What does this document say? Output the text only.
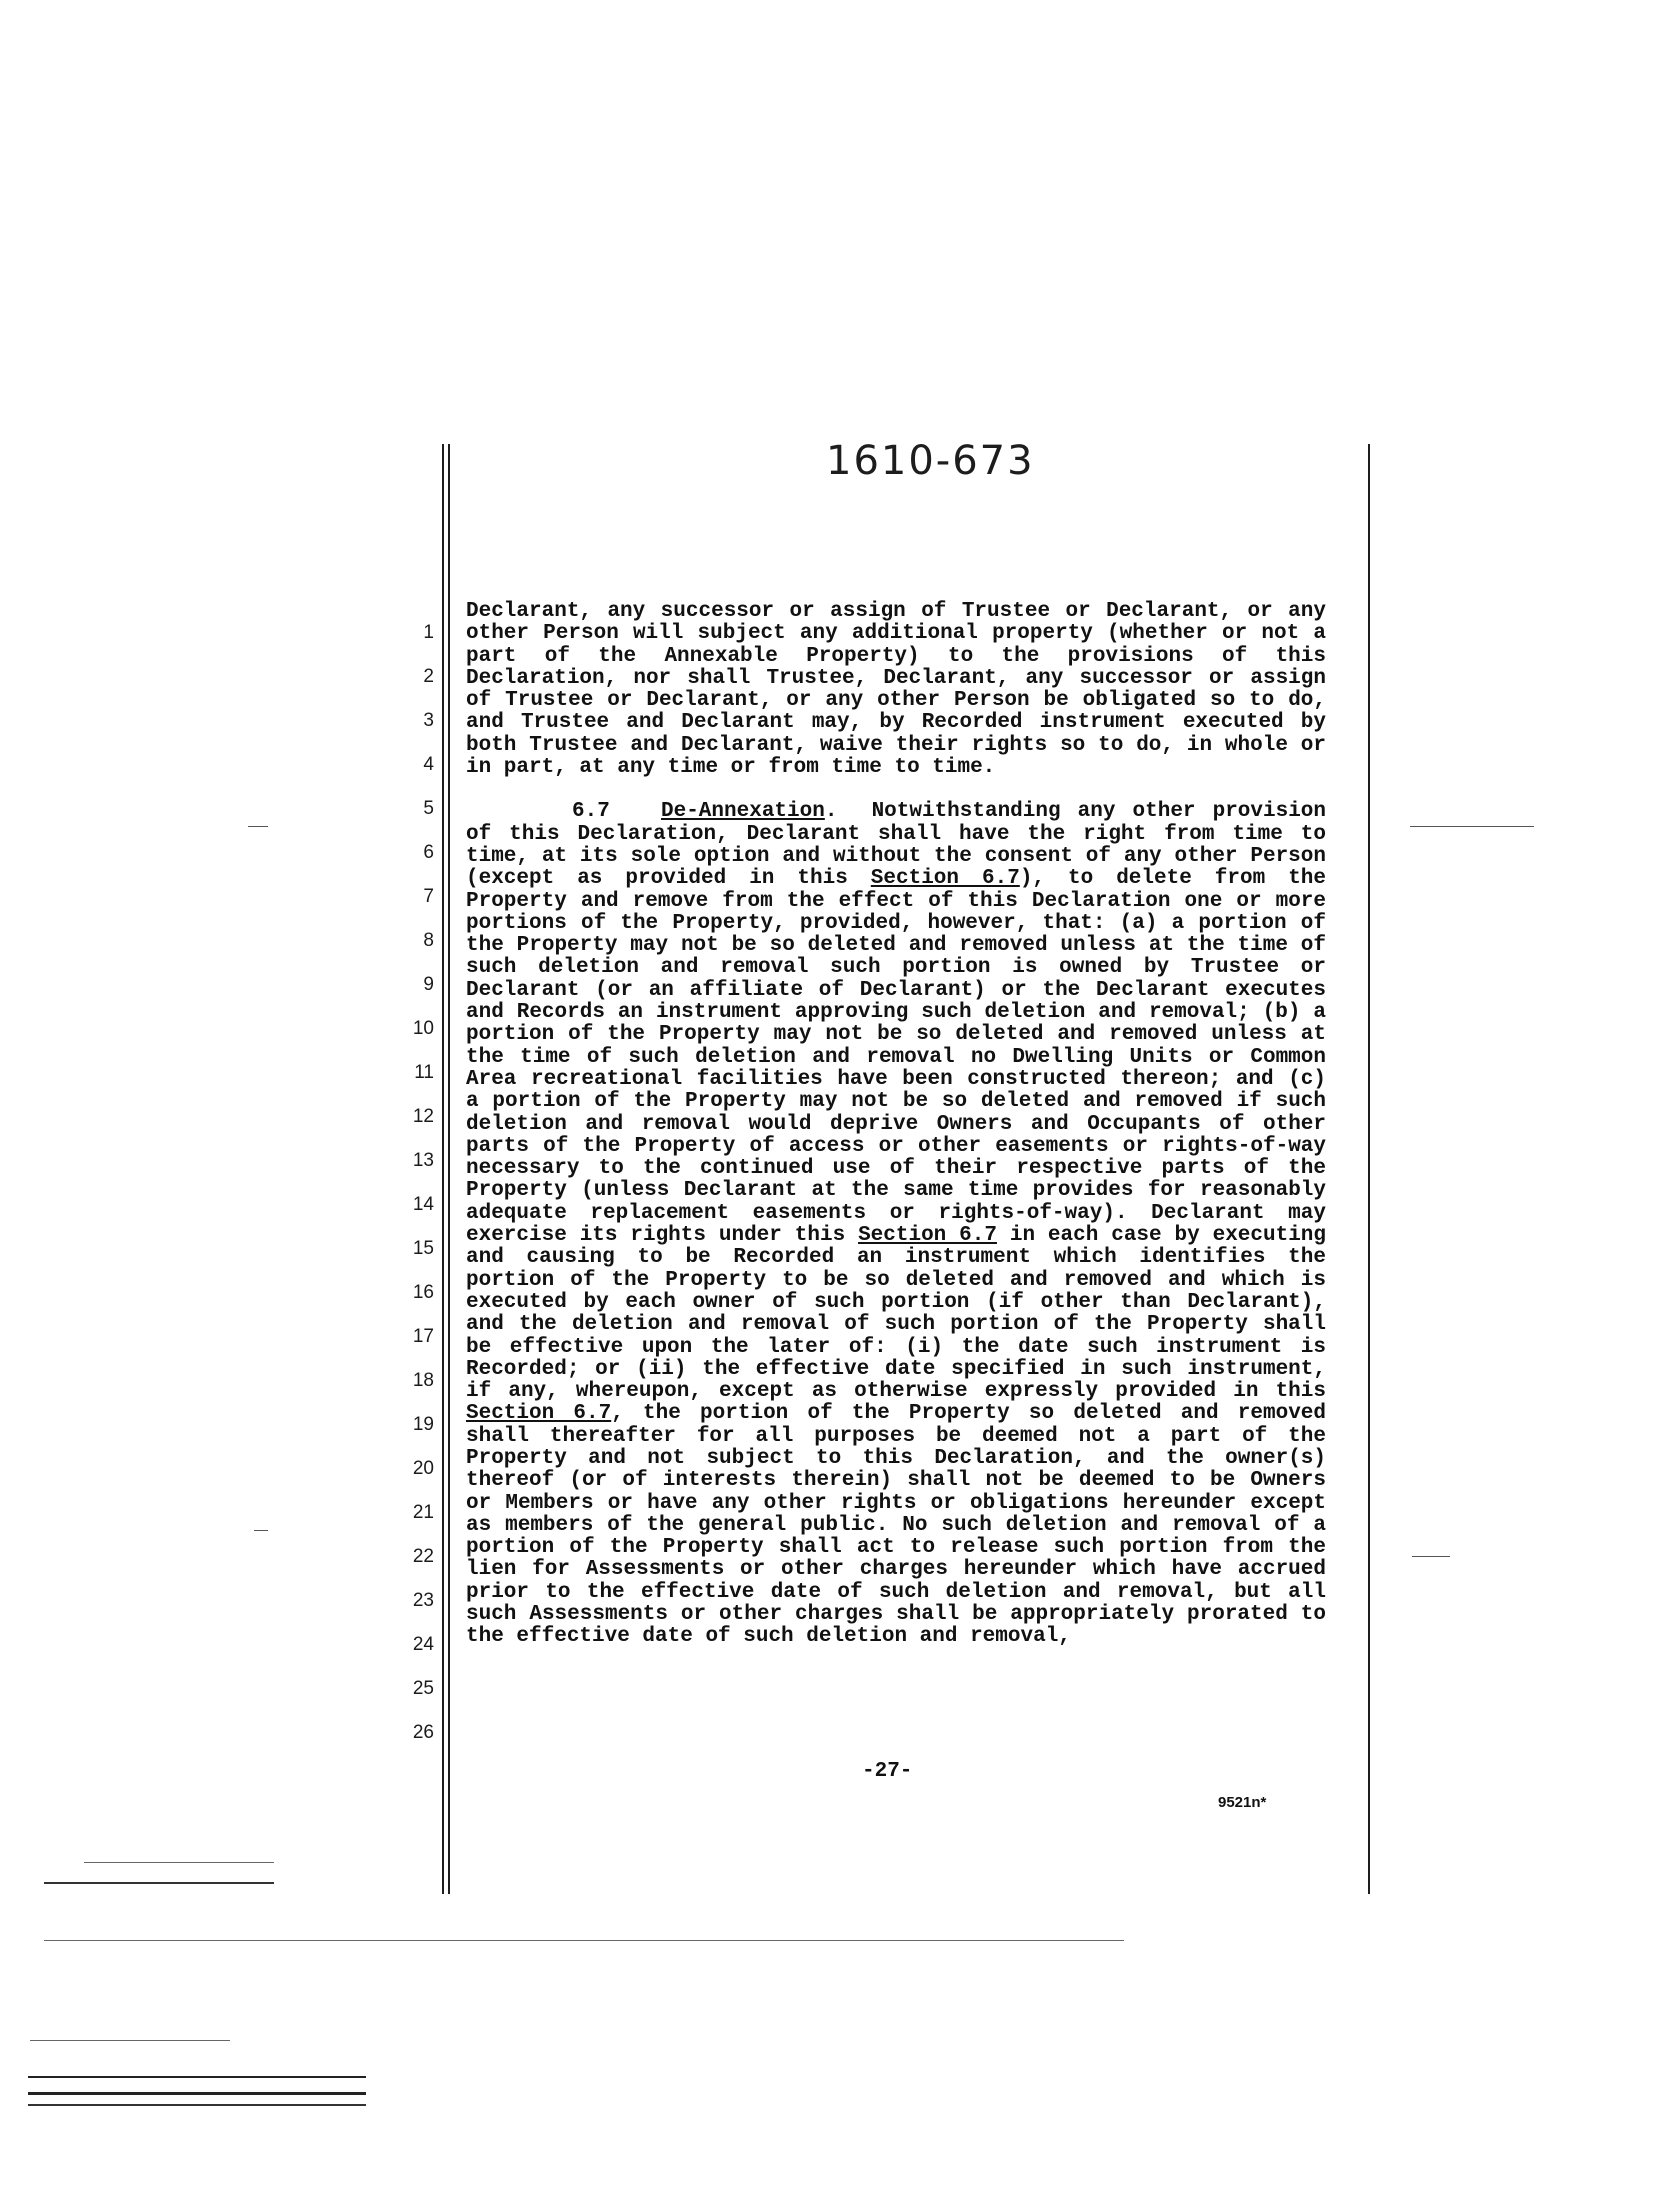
1610-673
1
2
3
4
5
6
7
8
9
10
11
12
13
14
15
16
17
18
19
20
21
22
23
24
25
26

Declarant, any successor or assign of Trustee or Declarant, or any other Person will subject any additional property (whether or not a part of the Annexable Property) to the provisions of this Declaration, nor shall Trustee, Declarant, any successor or assign of Trustee or Declarant, or any other Person be obligated so to do, and Trustee and Declarant may, by Recorded instrument executed by both Trustee and Declarant, waive their rights so to do, in whole or in part, at any time or from time to time.

6.7 De-Annexation.  Notwithstanding any other provision of this Declaration, Declarant shall have the right from time to time, at its sole option and without the consent of any other Person (except as provided in this Section 6.7), to delete from the Property and remove from the effect of this Declaration one or more portions of the Property, provided, however, that: (a) a portion of the Property may not be so deleted and removed unless at the time of such deletion and removal such portion is owned by Trustee or Declarant (or an affiliate of Declarant) or the Declarant executes and Records an instrument approving such deletion and removal; (b) a portion of the Property may not be so deleted and removed unless at the time of such deletion and removal no Dwelling Units or Common Area recreational facilities have been constructed thereon; and (c) a portion of the Property may not be so deleted and removed if such deletion and removal would deprive Owners and Occupants of other parts of the Property of access or other easements or rights-of-way necessary to the continued use of their respective parts of the Property (unless Declarant at the same time provides for reasonably adequate replacement easements or rights-of-way). Declarant may exercise its rights under this Section 6.7 in each case by executing and causing to be Recorded an instrument which identifies the portion of the Property to be so deleted and removed and which is executed by each owner of such portion (if other than Declarant), and the deletion and removal of such portion of the Property shall be effective upon the later of: (i) the date such instrument is Recorded; or (ii) the effective date specified in such instrument, if any, whereupon, except as otherwise expressly provided in this Section 6.7, the portion of the Property so deleted and removed shall thereafter for all purposes be deemed not a part of the Property and not subject to this Declaration, and the owner(s) thereof (or of interests therein) shall not be deemed to be Owners or Members or have any other rights or obligations hereunder except as members of the general public. No such deletion and removal of a portion of the Property shall act to release such portion from the lien for Assessments or other charges hereunder which have accrued prior to the effective date of such deletion and removal, but all such Assessments or other charges shall be appropriately prorated to the effective date of such deletion and removal,

-27-
9521n*
